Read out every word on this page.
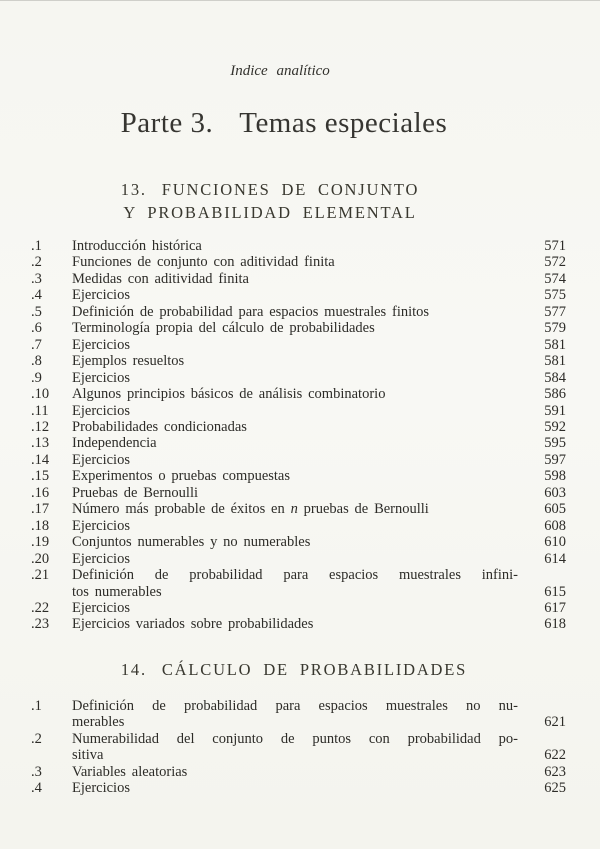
Indice analítico
Parte 3. Temas especiales
13. FUNCIONES DE CONJUNTO
Y PROBABILIDAD ELEMENTAL
.1	Introducción histórica	571
.2	Funciones de conjunto con aditividad finita	572
.3	Medidas con aditividad finita	574
.4	Ejercicios	575
.5	Definición de probabilidad para espacios muestrales finitos	577
.6	Terminología propia del cálculo de probabilidades	579
.7	Ejercicios	581
.8	Ejemplos resueltos	581
.9	Ejercicios	584
.10	Algunos principios básicos de análisis combinatorio	586
.11	Ejercicios	591
.12	Probabilidades condicionadas	592
.13	Independencia	595
.14	Ejercicios	597
.15	Experimentos o pruebas compuestas	598
.16	Pruebas de Bernoulli	603
.17	Número más probable de éxitos en n pruebas de Bernoulli	605
.18	Ejercicios	608
.19	Conjuntos numerables y no numerables	610
.20	Ejercicios	614
.21	Definición de probabilidad para espacios muestrales infini-
tos numerables	615
.22	Ejercicios	617
.23	Ejercicios variados sobre probabilidades	618
14. CÁLCULO DE PROBABILIDADES
.1	Definición de probabilidad para espacios muestrales no nu-
merables	621
.2	Numerabilidad del conjunto de puntos con probabilidad po-
sitiva	622
.3	Variables aleatorias	623
.4	Ejercicios	625
